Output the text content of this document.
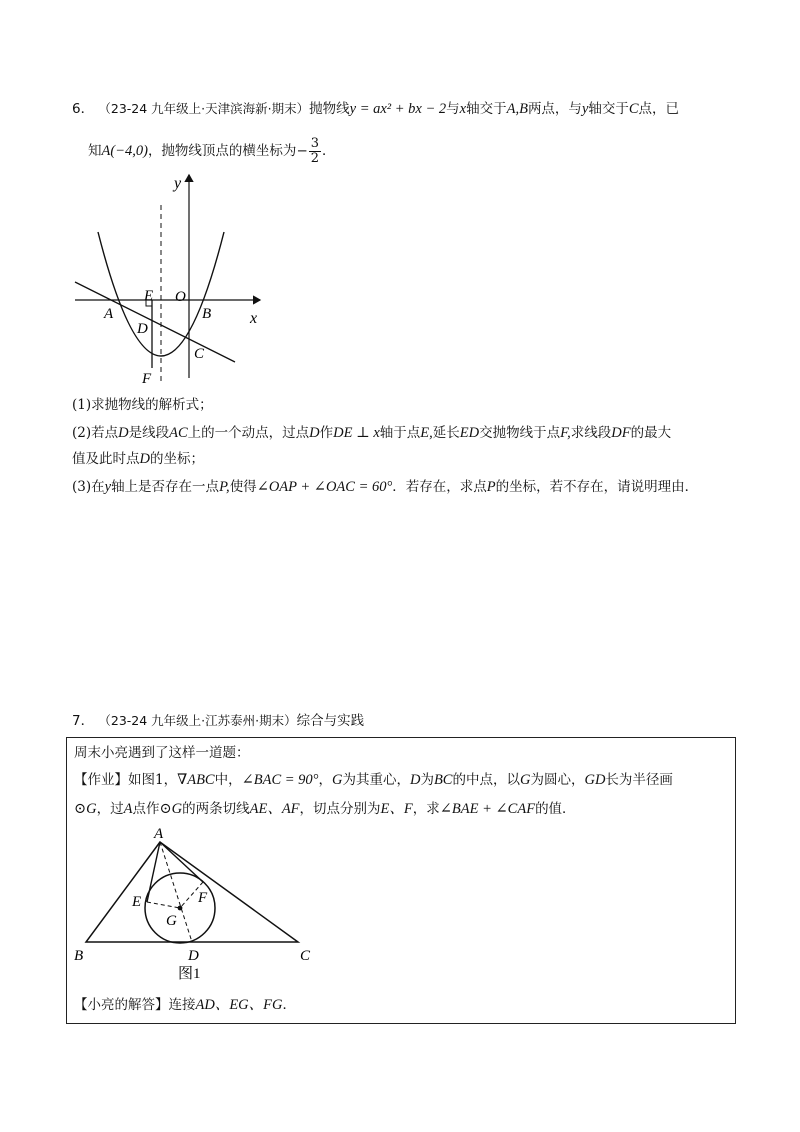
6． （23-24 九年级上·天津滨海新·期末）抛物线y = ax² + bx − 2与x轴交于A,B两点，与y轴交于C点，已
知A(−4,0)，抛物线顶点的横坐标为− $\frac{3}{2}$ ．
y
x
E O
A	B
D
C
F
(1)求抛物线的解析式；
(2)若点D是线段AC上的一个动点，过点D作DE ⊥ x轴于点E,延长ED交抛物线于点F,求线段DF的最大
值及此时点D的坐标；
(3)在y轴上是否存在一点P,使得∠OAP + ∠OAC = 60°．若存在，求点P的坐标，若不存在，请说明理由．
7． （23-24 九年级上·江苏泰州·期末）综合与实践
周末小亮遇到了这样一道题：
【作业】如图1，∇ABC中，∠BAC = 90°，G为其重心，D为BC的中点，以G为圆心，GD长为半径画
⊙G，过A点作⊙G的两条切线AE、AF，切点分别为E、F，求∠BAE + ∠CAF的值．
A
E	F
G
B	D	C
图1
【小亮的解答】连接AD、EG、FG．
